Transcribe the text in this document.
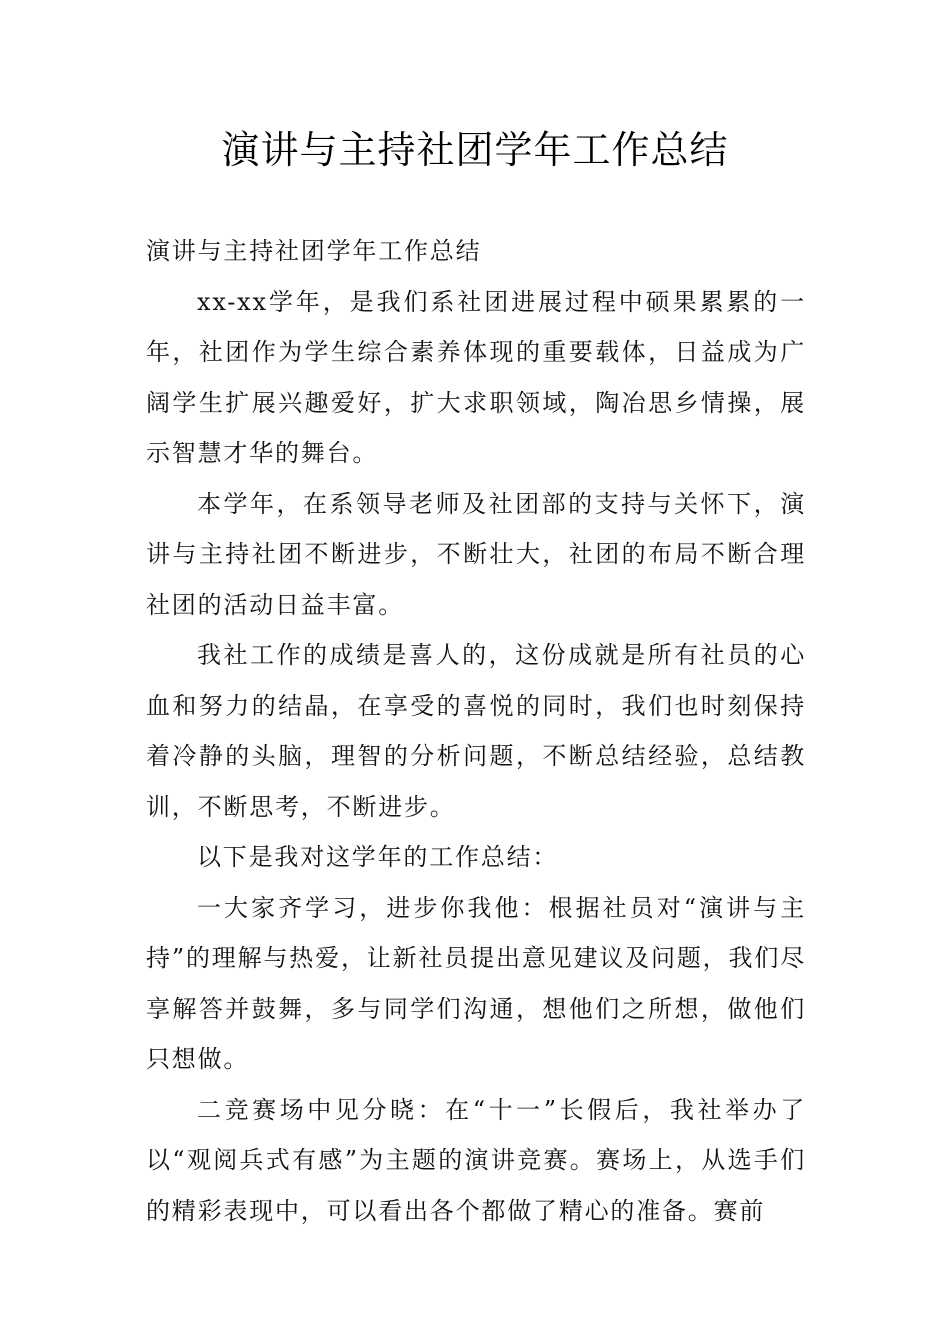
演讲与主持社团学年工作总结

演讲与主持社团学年工作总结

xx-xx学年，是我们系社团进展过程中硕果累累的一年，社团作为学生综合素养体现的重要载体，日益成为广阔学生扩展兴趣爱好，扩大求职领域，陶冶思乡情操，展示智慧才华的舞台。

本学年，在系领导老师及社团部的支持与关怀下，演讲与主持社团不断进步，不断壮大，社团的布局不断合理社团的活动日益丰富。

我社工作的成绩是喜人的，这份成就是所有社员的心血和努力的结晶，在享受的喜悦的同时，我们也时刻保持着冷静的头脑，理智的分析问题，不断总结经验，总结教训，不断思考，不断进步。

以下是我对这学年的工作总结：

一大家齐学习，进步你我他：根据社员对“演讲与主持”的理解与热爱，让新社员提出意见建议及问题，我们尽享解答并鼓舞，多与同学们沟通，想他们之所想，做他们只想做。

二竞赛场中见分晓：在“十一”长假后，我社举办了以“观阅兵式有感”为主题的演讲竞赛。赛场上，从选手们的精彩表现中，可以看出各个都做了精心的准备。赛前
